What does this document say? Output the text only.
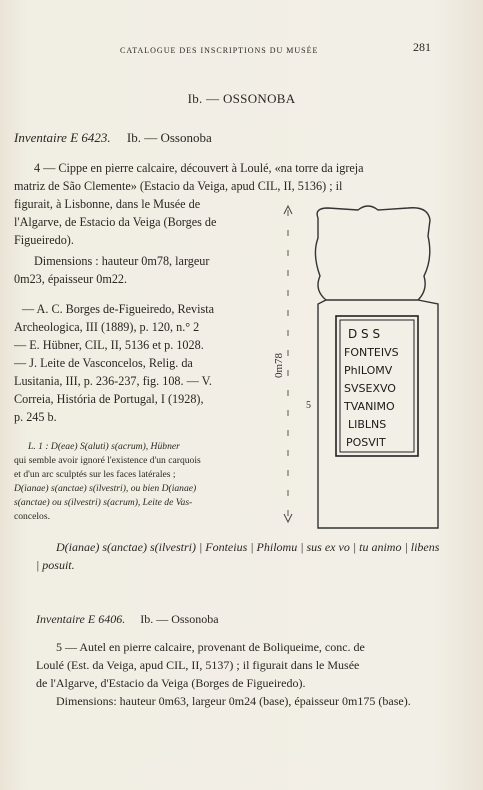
CATALOGUE DES INSCRIPTIONS DU MUSÉE	281
Ib. — OSSONOBA
Inventaire E 6423. Ib. — Ossonoba
4 — Cippe en pierre calcaire, découvert à Loulé, «na torre da igreja
matriz de São Clemente» (Estacio da Veiga, apud CIL, II, 5136) ; il
figurait, à Lisbonne, dans le Musée de
l'Algarve, de Estacio da Veiga (Borges de
Figueiredo).
Dimensions : hauteur 0m78, largeur
0m23, épaisseur 0m22.
— A. C. Borges de-Figueiredo, Revista
Archeologica, III (1889), p. 120, n.° 2
— E. Hübner, CIL, II, 5136 et p. 1028.
— J. Leite de Vasconcelos, Relig. da
Lusitania, III, p. 236-237, fig. 108. — V.
Correia, História de Portugal, I (1928),
p. 245 b.
L. 1 : D(eae) S(aluti) s(acrum), Hübner
qui semble avoir ignoré l'existence d'un carquois
et d'un arc sculptés sur les faces latérales ;
D(ianae) s(anctae) s(ilvestri), ou bien D(ianae)
s(anctae) ou s(ilvestri) s(acrum), Leite de Vas-
concelos.
0m78
5
D S S
FONTEIVS
PhILOMV
SVSEXVO
TVANIMO
LIBLNS
POSVIT
D(ianae) s(anctae) s(ilvestri) | Fonteius | Philomu | sus ex vo | tu animo | libens | posuit.
Inventaire E 6406. Ib. — Ossonoba
5 — Autel en pierre calcaire, provenant de Boliqueime, conc. de
Loulé (Est. da Veiga, apud CIL, II, 5137) ; il figurait dans le Musée
de l'Algarve, d'Estacio da Veiga (Borges de Figueiredo).
Dimensions: hauteur 0m63, largeur 0m24 (base), épaisseur 0m175 (base).
